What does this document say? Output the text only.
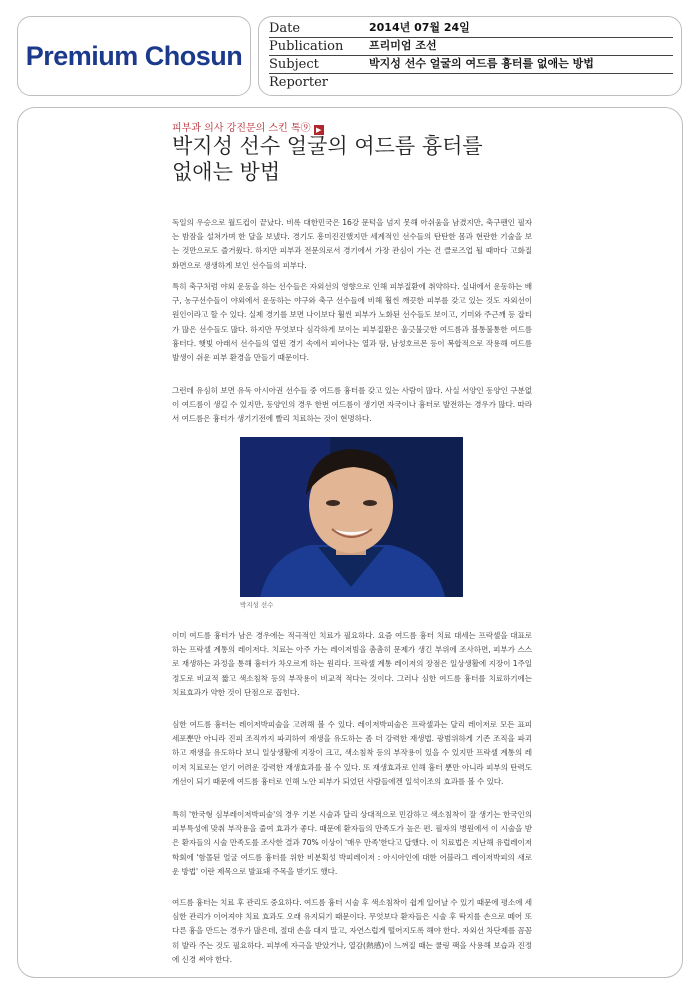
Premium Chosun
Date	2014년 07월 24일
Publication 프리미엄 조선
Subject	박지성 선수 얼굴의 여드름 흉터를 없애는 방법
Reporter
피부과 의사 강진문의 스킨 톡⑨ ▶
박지성 선수 얼굴의 여드름 흉터를
없애는 방법

독일의 우승으로 월드컵이 끝났다. 비록 대한민국은 16강 문턱을 넘지 못해 아쉬움을 남겼지만, 축구팬인 필자는 밤잠을 설쳐가며 한 달을 보냈다. 경기도 흥미진진했지만 세계적인 선수들의 탄탄한 몸과 현란한 기술을 보는 것만으로도 즐거웠다. 하지만 피부과 전문의로서 경기에서 가장 관심이 가는 건 클로즈업 될 때마다 고화질 화면으로 생생하게 보인 선수들의 피부다.

특히 축구처럼 야외 운동을 하는 선수들은 자외선의 영향으로 인해 피부질환에 취약하다. 실내에서 운동하는 배구, 농구선수들이 야외에서 운동하는 야구와 축구 선수들에 비해 훨씬 깨끗한 피부를 갖고 있는 것도 자외선이 원인이라고 할 수 있다. 실제 경기를 보면 나이보다 훨씬 피부가 노화된 선수들도 보이고, 기미와 주근깨 등 잡티가 많은 선수들도 많다. 하지만 무엇보다 심각하게 보이는 피부질환은 울긋불긋한 여드름과 볼통불통한 여드름 흉터다. 햇빛 아래서 선수들의 열띤 경기 속에서 피어나는 열과 땀, 남성호르몬 등이 복합적으로 작용해 여드름 발생이 쉬운 피부 환경을 만들기 때문이다.

그런데 유심히 보면 유독 아시아권 선수들 중 여드름 흉터를 갖고 있는 사람이 많다. 사실 서양인 동양인 구분없이 여드름이 생길 수 있지만, 동양인의 경우 한번 여드름이 생기면 자국이나 흉터로 발전하는 경우가 많다. 따라서 여드름은 흉터가 생기기전에 빨리 치료하는 것이 현명하다.

박지성 선수

이미 여드름 흉터가 남은 경우에는 적극적인 치료가 필요하다. 요즘 여드름 흉터 치료 대세는 프락셀을 대표로 하는 프락셀 계통의 레이저다. 치료는 아주 가는 레이저빔을 촘촘히 문제가 생긴 부위에 조사하면, 피부가 스스로 재생하는 과정을 통해 흉터가 차오르게 하는 원리다. 프락셀 계통 레이저의 장점은 일상생활에 지장이 1주일 정도로 비교적 짧고 색소침착 등의 부작용이 비교적 적다는 것이다. 그러나 심한 여드름 흉터를 치료하기에는 치료효과가 약한 것이 단점으로 꼽힌다.

심한 여드름 흉터는 레이저박피술을 고려해 볼 수 있다. 레이저박피술은 프락셀과는 달리 레이저로 모든 표피 세포뿐만 아니라 진피 조직까지 파괴하여 재생을 유도하는 좀 더 강력한 재생법. 광범위하게 기존 조직을 파괴하고 재생을 유도하다 보니 일상생활에 지장이 크고, 색소침착 등의 부작용이 있을 수 있지만 프락셀 계통의 레이저 치료로는 얻기 어려운 강력한 재생효과를 볼 수 있다. 또 재생효과로 인해 흉터 뿐만 아니라 피부의 탄력도 개선이 되기 때문에 여드름 흉터로 인해 노안 피부가 되었던 사람들에겐 일석이조의 효과를 볼 수 있다.

특히 '한국형 심부레이저박피술'의 경우 기본 시술과 달리 상대적으로 민감하고 색소침착이 잘 생기는 한국인의 피부특성에 맞춰 부작용을 줄여 효과가 좋다. 때문에 환자들의 만족도가 높은 편. 필자의 병원에서 이 시술을 받은 환자들의 시술 만족도를 조사한 결과 70% 이상이 '매우 만족'한다고 답했다. 이 치료법은 지난해 유럽레이저학회에 '함몰된 얼굴 여드름 흉터를 위한 비분획성 박피레이저 : 아시아인에 대한 어블라그 레이저박피의 새로운 방법' 이란 제목으로 발표돼 주목을 받기도 했다.

여드름 흉터는 치료 후 관리도 중요하다. 여드름 흉터 시술 후 색소침착이 쉽게 일어날 수 있기 때문에 평소에 세심한 관리가 이어져야 치료 효과도 오래 유지되기 때문이다. 무엇보다 환자들은 시술 후 딱지를 손으로 떼어 또 다른 흉을 만드는 경우가 많은데, 절대 손을 대지 말고, 자연스럽게 떨어지도록 해야 한다. 자외선 차단제를 꼼꼼히 발라 주는 것도 필요하다. 피부에 자극을 받았거나, 열감(熱感)이 느껴질 때는 쿨링 팩을 사용해 보습과 진정에 신경 써야 한다.
